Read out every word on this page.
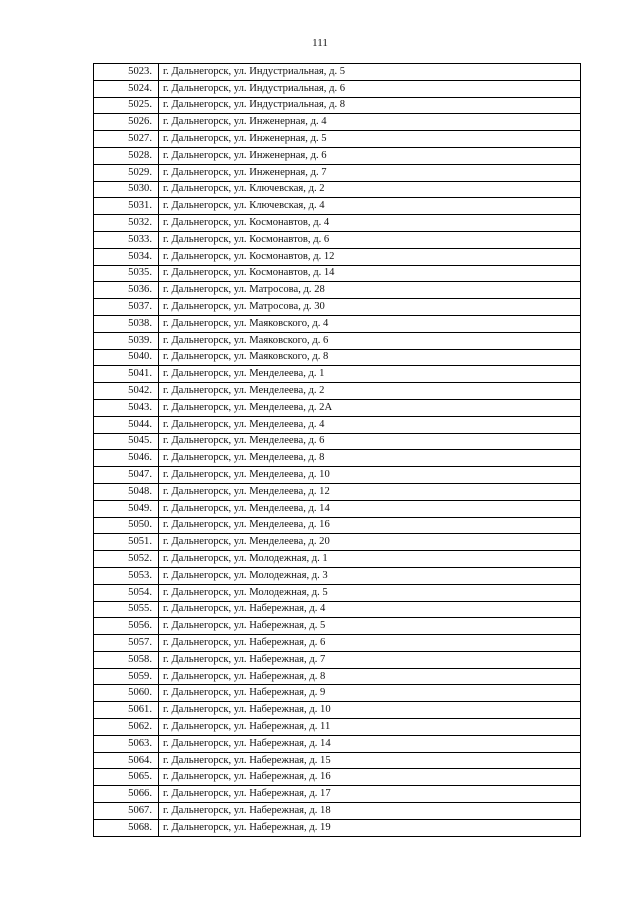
111
5023.	г. Дальнегорск, ул. Индустриальная, д. 5
5024.	г. Дальнегорск, ул. Индустриальная, д. 6
5025.	г. Дальнегорск, ул. Индустриальная, д. 8
5026.	г. Дальнегорск, ул. Инженерная, д. 4
5027.	г. Дальнегорск, ул. Инженерная, д. 5
5028.	г. Дальнегорск, ул. Инженерная, д. 6
5029.	г. Дальнегорск, ул. Инженерная, д. 7
5030.	г. Дальнегорск, ул. Ключевская, д. 2
5031.	г. Дальнегорск, ул. Ключевская, д. 4
5032.	г. Дальнегорск, ул. Космонавтов, д. 4
5033.	г. Дальнегорск, ул. Космонавтов, д. 6
5034.	г. Дальнегорск, ул. Космонавтов, д. 12
5035.	г. Дальнегорск, ул. Космонавтов, д. 14
5036.	г. Дальнегорск, ул. Матросова, д. 28
5037.	г. Дальнегорск, ул. Матросова, д. 30
5038.	г. Дальнегорск, ул. Маяковского, д. 4
5039.	г. Дальнегорск, ул. Маяковского, д. 6
5040.	г. Дальнегорск, ул. Маяковского, д. 8
5041.	г. Дальнегорск, ул. Менделеева, д. 1
5042.	г. Дальнегорск, ул. Менделеева, д. 2
5043.	г. Дальнегорск, ул. Менделеева, д. 2А
5044.	г. Дальнегорск, ул. Менделеева, д. 4
5045.	г. Дальнегорск, ул. Менделеева, д. 6
5046.	г. Дальнегорск, ул. Менделеева, д. 8
5047.	г. Дальнегорск, ул. Менделеева, д. 10
5048.	г. Дальнегорск, ул. Менделеева, д. 12
5049.	г. Дальнегорск, ул. Менделеева, д. 14
5050.	г. Дальнегорск, ул. Менделеева, д. 16
5051.	г. Дальнегорск, ул. Менделеева, д. 20
5052.	г. Дальнегорск, ул. Молодежная, д. 1
5053.	г. Дальнегорск, ул. Молодежная, д. 3
5054.	г. Дальнегорск, ул. Молодежная, д. 5
5055.	г. Дальнегорск, ул. Набережная, д. 4
5056.	г. Дальнегорск, ул. Набережная, д. 5
5057.	г. Дальнегорск, ул. Набережная, д. 6
5058.	г. Дальнегорск, ул. Набережная, д. 7
5059.	г. Дальнегорск, ул. Набережная, д. 8
5060.	г. Дальнегорск, ул. Набережная, д. 9
5061.	г. Дальнегорск, ул. Набережная, д. 10
5062.	г. Дальнегорск, ул. Набережная, д. 11
5063.	г. Дальнегорск, ул. Набережная, д. 14
5064.	г. Дальнегорск, ул. Набережная, д. 15
5065.	г. Дальнегорск, ул. Набережная, д. 16
5066.	г. Дальнегорск, ул. Набережная, д. 17
5067.	г. Дальнегорск, ул. Набережная, д. 18
5068.	г. Дальнегорск, ул. Набережная, д. 19
